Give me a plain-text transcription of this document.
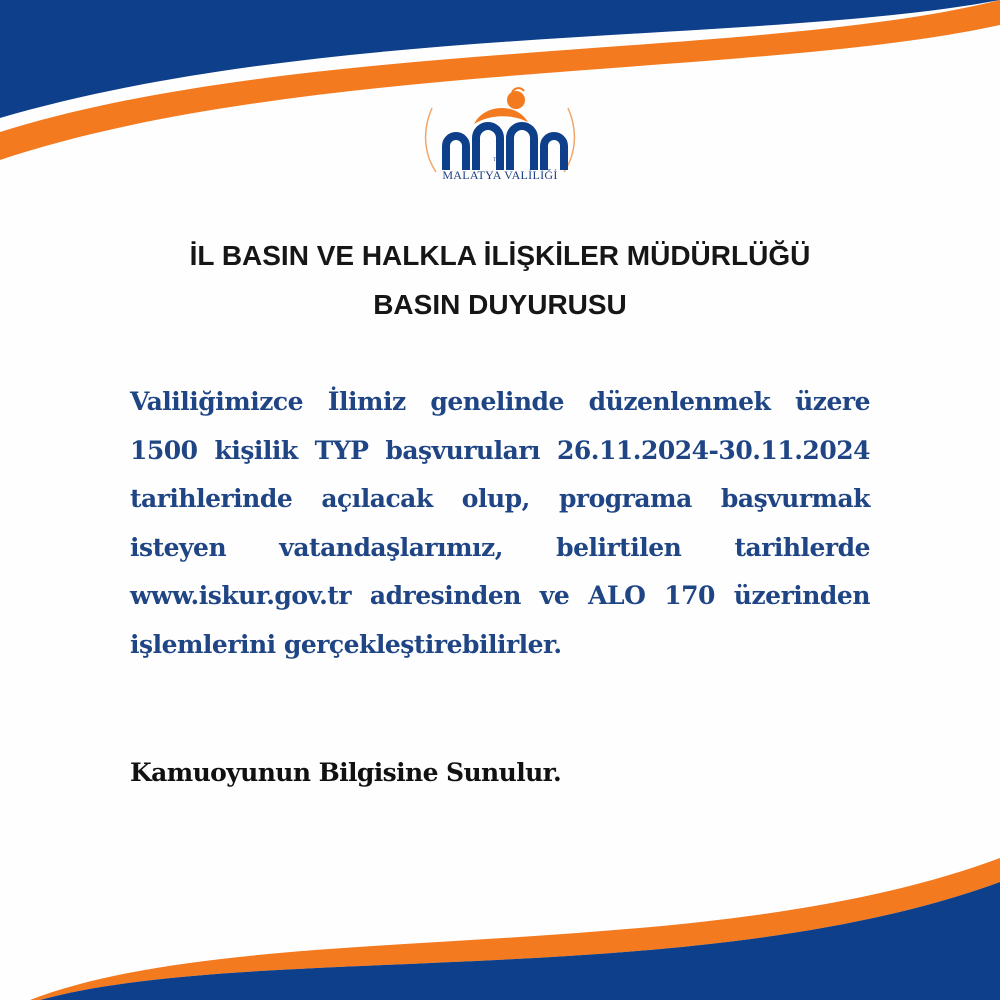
T.C.
MALATYA VALİLİĞİ
İL BASIN VE HALKLA İLİŞKİLER MÜDÜRLÜĞÜ
BASIN DUYURUSU

Valiliğimizce İlimiz genelinde düzenlenmek üzere 1500 kişilik TYP başvuruları 26.11.2024-30.11.2024 tarihlerinde açılacak olup, programa başvurmak isteyen vatandaşlarımız, belirtilen tarihlerde www.iskur.gov.tr adresinden ve ALO 170 üzerinden işlemlerini gerçekleştirebilirler.

Kamuoyunun Bilgisine Sunulur.
